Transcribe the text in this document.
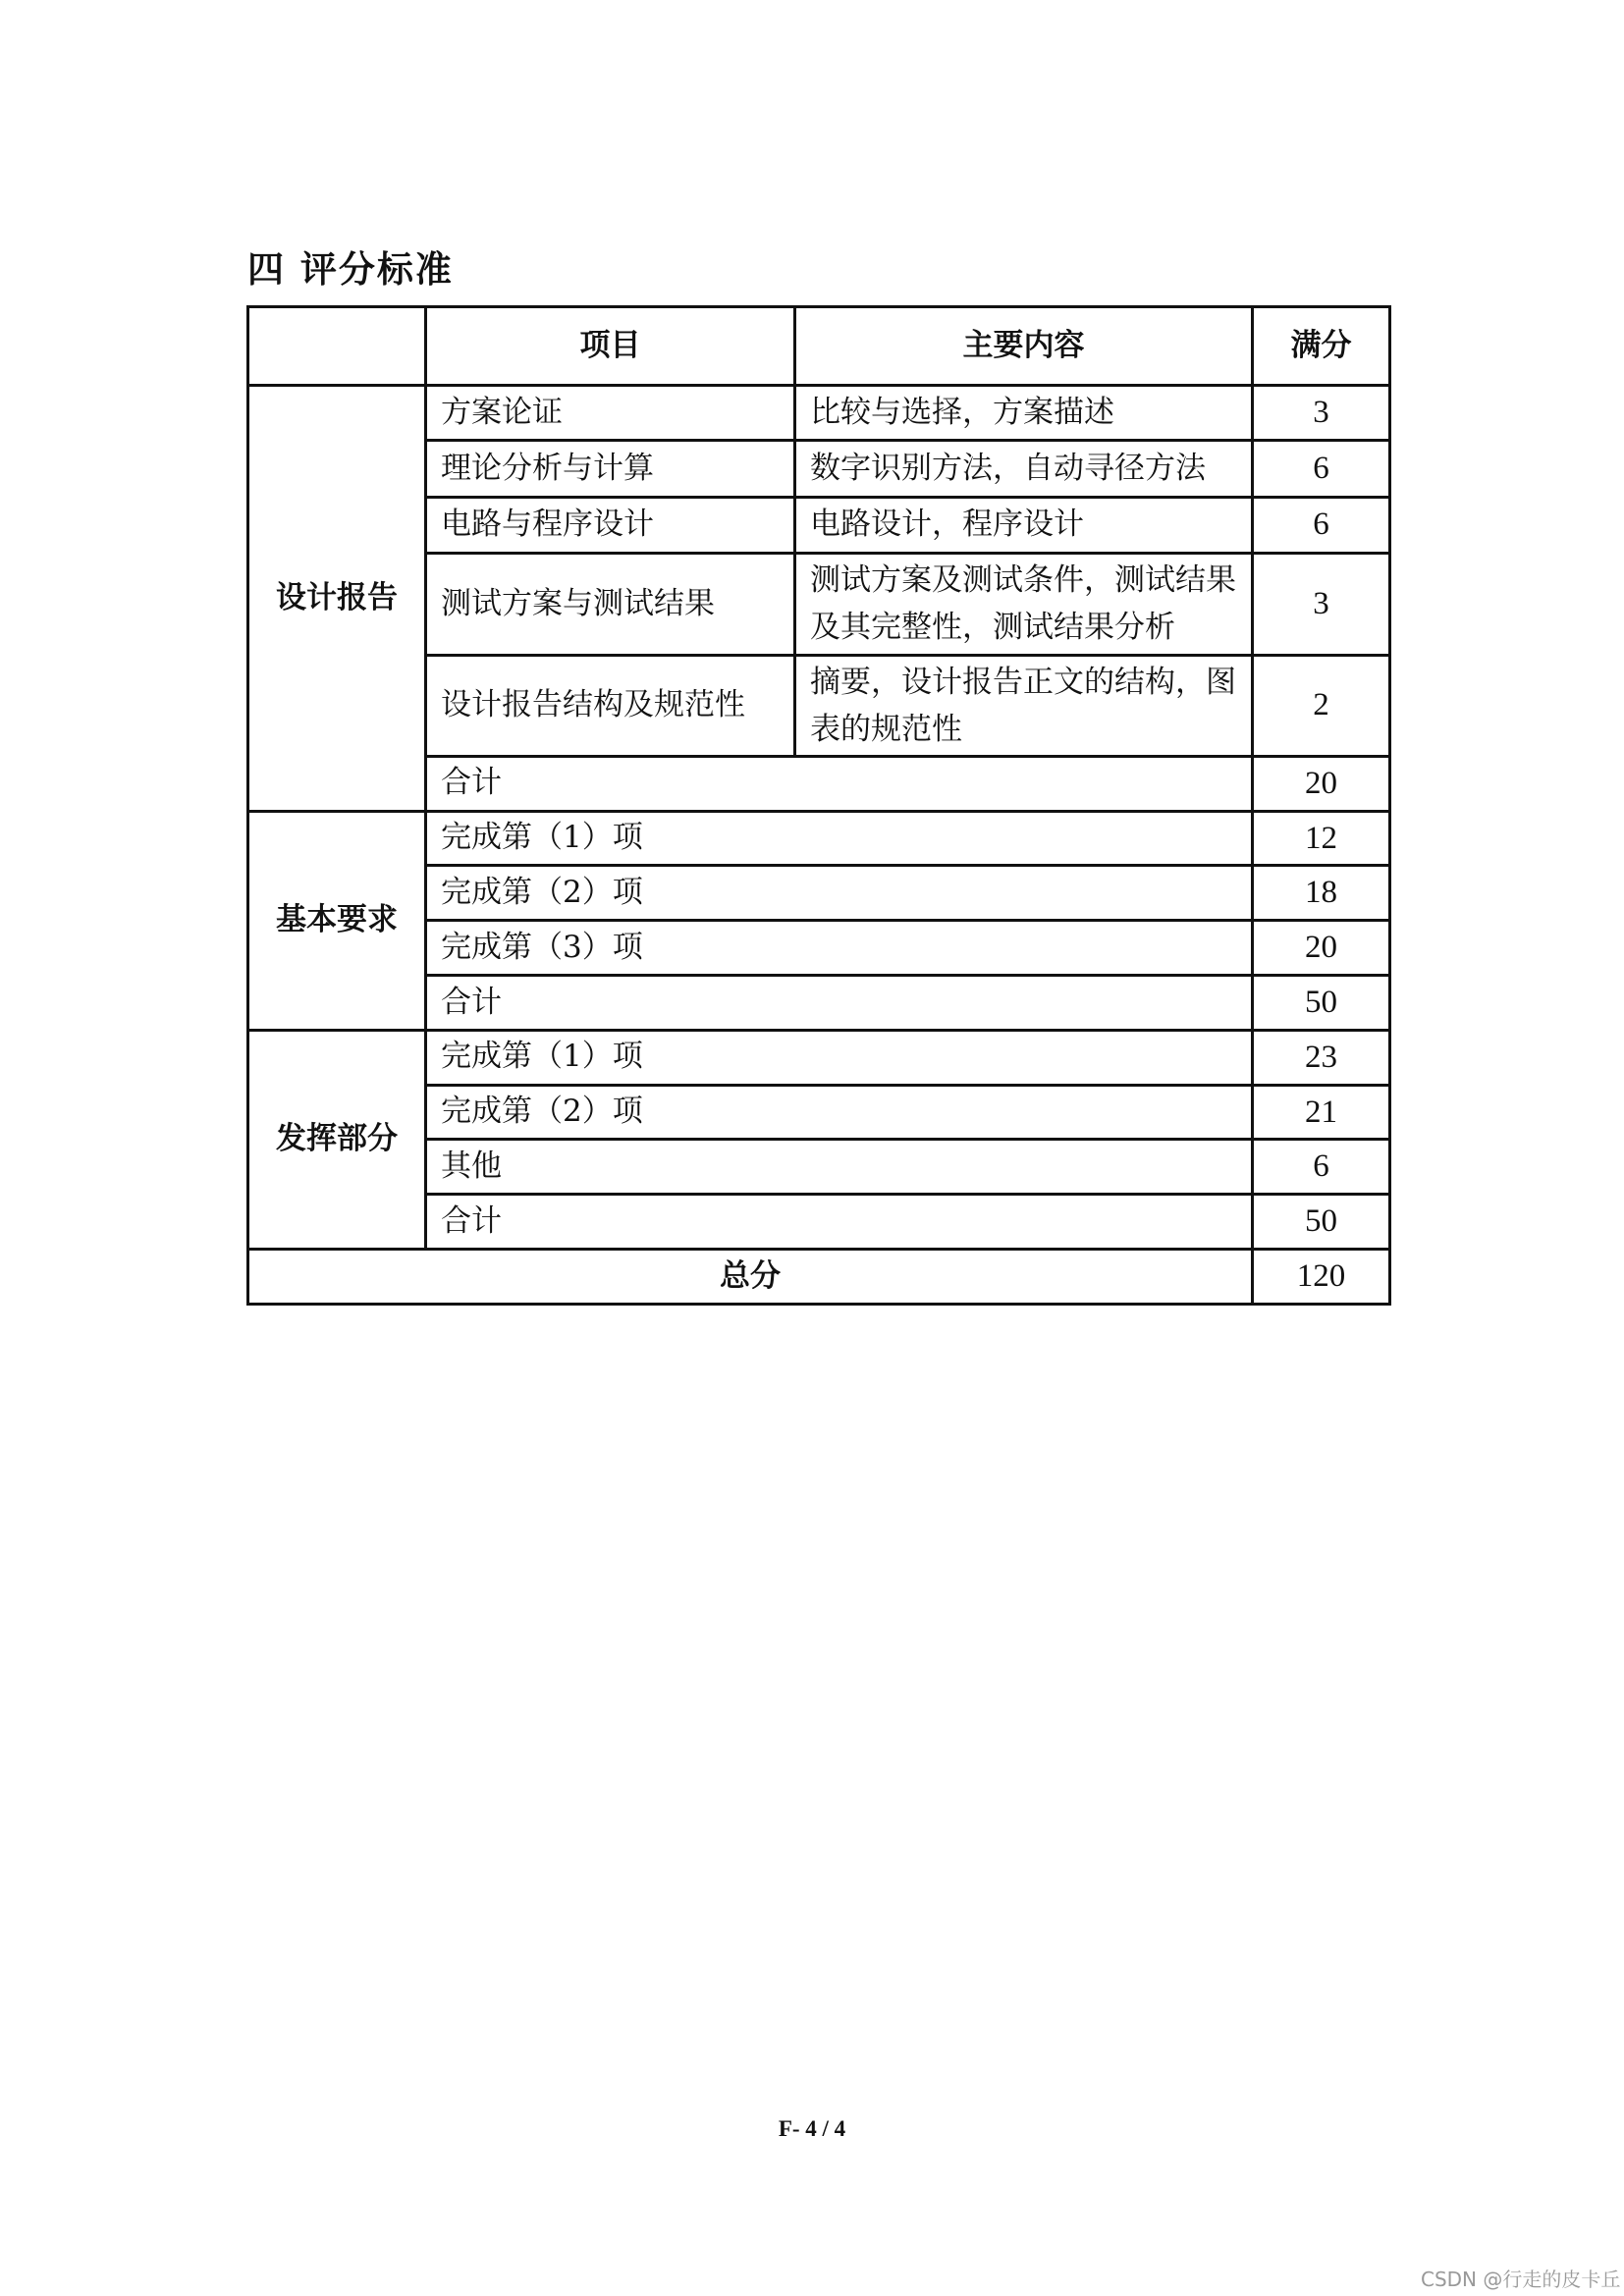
四 评分标准
	项目	主要内容	满分
设计报告	方案论证	比较与选择，方案描述	3
	理论分析与计算	数字识别方法，自动寻径方法	6
	电路与程序设计	电路设计，程序设计	6
	测试方案与测试结果	测试方案及测试条件，测试结果及其完整性，测试结果分析	3
	设计报告结构及规范性	摘要，设计报告正文的结构，图表的规范性	2
	合计		20
基本要求	完成第（1）项		12
	完成第（2）项		18
	完成第（3）项		20
	合计		50
发挥部分	完成第（1）项		23
	完成第（2）项		21
	其他		6
	合计		50
总分			120
F- 4 / 4
CSDN @行走的皮卡丘
